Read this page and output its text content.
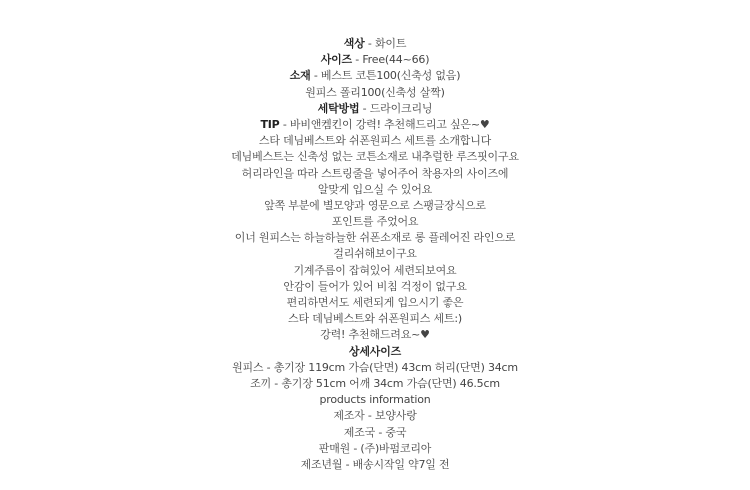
색상 - 화이트
사이즈 - Free(44~66)
소재 - 베스트 코튼100(신축성 없음)
원피스 폴리100(신축성 살짝)
세탁방법 - 드라이크리닝
TIP - 바비앤켐킨이 강력! 추천해드리고 싶은~♥
스타 데님베스트와 쉬폰원피스 세트를 소개합니다
데님베스트는 신축성 없는 코튼소재로 내추럴한 루즈핏이구요
허리라인을 따라 스트링줄을 넣어주어 착용자의 사이즈에
알맞게 입으실 수 있어요
앞쪽 부분에 별모양과 영문으로 스팽글장식으로
포인트를 주었어요
이너 원피스는 하늘하늘한 쉬폰소재로 롱 플레어진 라인으로
걸리쉬해보이구요
기계주름이 잡혀있어 세련되보여요
안감이 들어가 있어 비침 걱정이 없구요
편리하면서도 세련되게 입으시기 좋은
스타 데님베스트와 쉬폰원피스 세트:)
강력! 추천해드려요~♥
상세사이즈
원피스 - 총기장 119cm 가슴(단면) 43cm 허리(단면) 34cm
조끼 - 총기장 51cm 어깨 34cm 가슴(단면) 46.5cm
products information
제조자 - 보양사랑
제조국 - 중국
판매원 - (주)바펌코리아
제조년월 - 배송시작일 약7일 전
